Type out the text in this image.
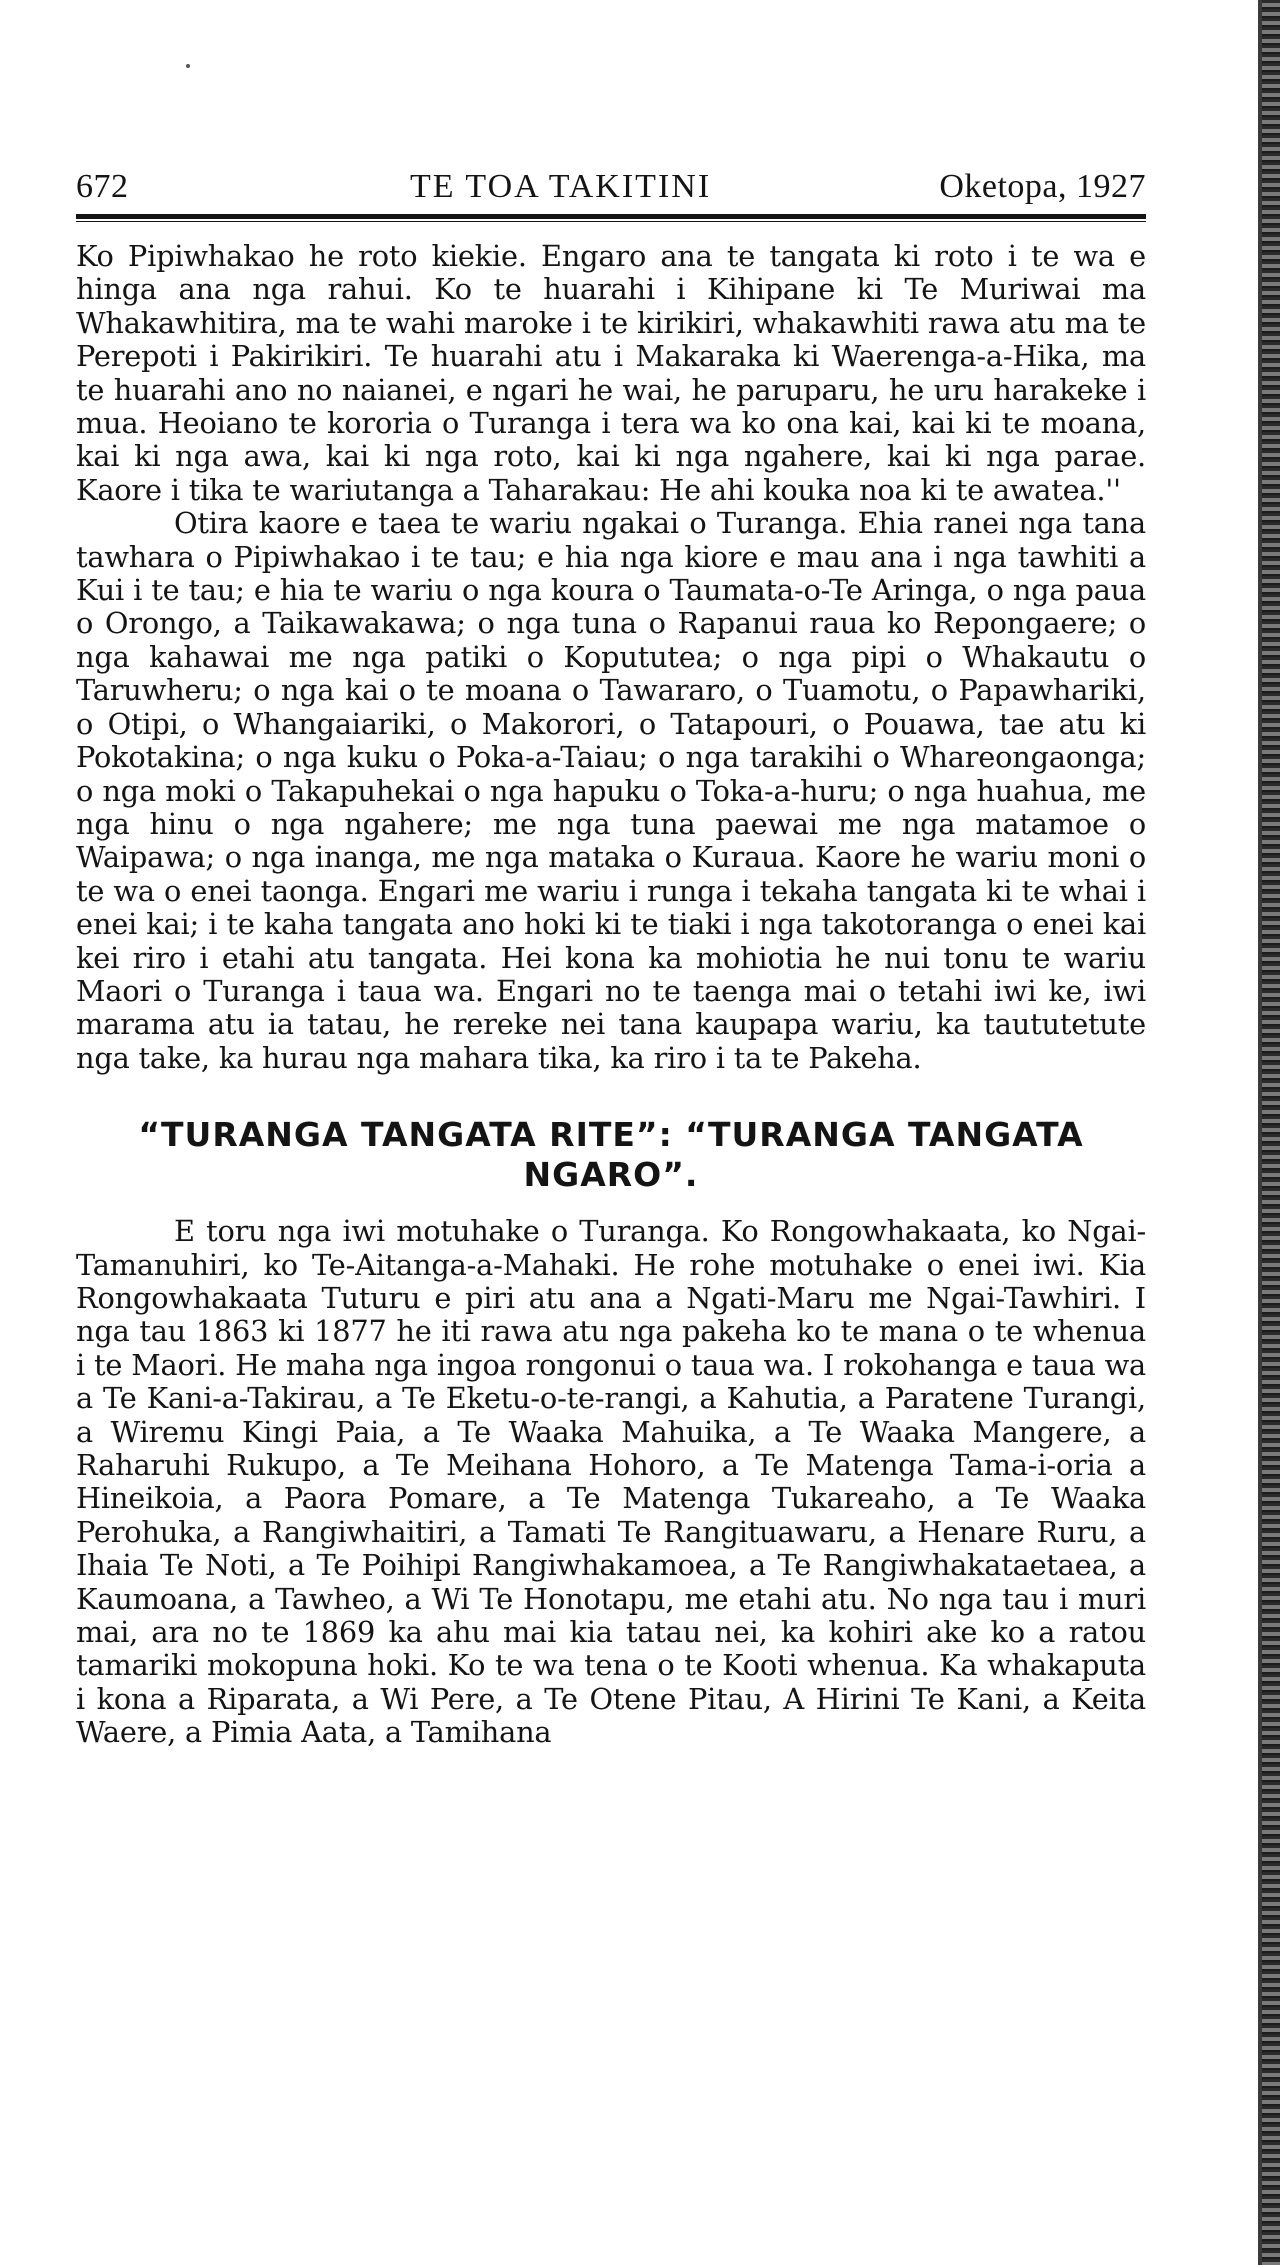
672	TE TOA TAKITINI	Oketopa, 1927

Ko Pipiwhakao he roto kiekie. Engaro ana te tangata ki roto i te wa e hinga ana nga rahui. Ko te huarahi i Kihipane ki Te Muriwai ma Whakawhitira, ma te wahi maroke i te kirikiri, whakawhiti rawa atu ma te Perepoti i Pakirikiri. Te huarahi atu i Makaraka ki Waerenga-a-Hika, ma te huarahi ano no naianei, e ngari he wai, he paruparu, he uru harakeke i mua. Heoiano te kororia o Turanga i tera wa ko ona kai, kai ki te moana, kai ki nga awa, kai ki nga roto, kai ki nga ngahere, kai ki nga parae. Kaore i tika te wariutanga a Taharakau: He ahi kouka noa ki te awatea.''

Otira kaore e taea te wariu ngakai o Turanga. Ehia ranei nga tana tawhara o Pipiwhakao i te tau; e hia nga kiore e mau ana i nga tawhiti a Kui i te tau; e hia te wariu o nga koura o Taumata-o-Te Aringa, o nga paua o Orongo, a Taikawakawa; o nga tuna o Rapanui raua ko Repongaere; o nga kahawai me nga patiki o Kopututea; o nga pipi o Whakautu o Taruwheru; o nga kai o te moana o Tawararo, o Tuamotu, o Papawhariki, o Otipi, o Whangaiariki, o Makorori, o Tatapouri, o Pouawa, tae atu ki Pokotakina; o nga kuku o Poka-a-Taiau; o nga tarakihi o Whareongaonga; o nga moki o Takapuhekai o nga hapuku o Toka-a-huru; o nga huahua, me nga hinu o nga ngahere; me nga tuna paewai me nga matamoe o Waipawa; o nga inanga, me nga mataka o Kuraua. Kaore he wariu moni o te wa o enei taonga. Engari me wariu i runga i tekaha tangata ki te whai i enei kai; i te kaha tangata ano hoki ki te tiaki i nga takotoranga o enei kai kei riro i etahi atu tangata. Hei kona ka mohiotia he nui tonu te wariu Maori o Turanga i taua wa. Engari no te taenga mai o tetahi iwi ke, iwi marama atu ia tatau, he rereke nei tana kaupapa wariu, ka taututetute nga take, ka hurau nga mahara tika, ka riro i ta te Pakeha.

“TURANGA TANGATA RITE”: “TURANGA TANGATA NGARO”.

E toru nga iwi motuhake o Turanga. Ko Rongowhakaata, ko Ngai-Tamanuhiri, ko Te-Aitanga-a-Mahaki. He rohe motuhake o enei iwi. Kia Rongowhakaata Tuturu e piri atu ana a Ngati-Maru me Ngai-Tawhiri. I nga tau 1863 ki 1877 he iti rawa atu nga pakeha ko te mana o te whenua i te Maori. He maha nga ingoa rongonui o taua wa. I rokohanga e taua wa a Te Kani-a-Takirau, a Te Eketu-o-te-rangi, a Kahutia, a Paratene Turangi, a Wiremu Kingi Paia, a Te Waaka Mahuika, a Te Waaka Mangere, a Raharuhi Rukupo, a Te Meihana Hohoro, a Te Matenga Tama-i-oria a Hineikoia, a Paora Pomare, a Te Matenga Tukareaho, a Te Waaka Perohuka, a Rangiwhaitiri, a Tamati Te Rangituawaru, a Henare Ruru, a Ihaia Te Noti, a Te Poihipi Rangiwhakamoea, a Te Rangiwhakataetaea, a Kaumoana, a Tawheo, a Wi Te Honotapu, me etahi atu. No nga tau i muri mai, ara no te 1869 ka ahu mai kia tatau nei, ka kohiri ake ko a ratou tamariki mokopuna hoki. Ko te wa tena o te Kooti whenua. Ka whakaputa i kona a Riparata, a Wi Pere, a Te Otene Pitau, A Hirini Te Kani, a Keita Waere, a Pimia Aata, a Tamihana
